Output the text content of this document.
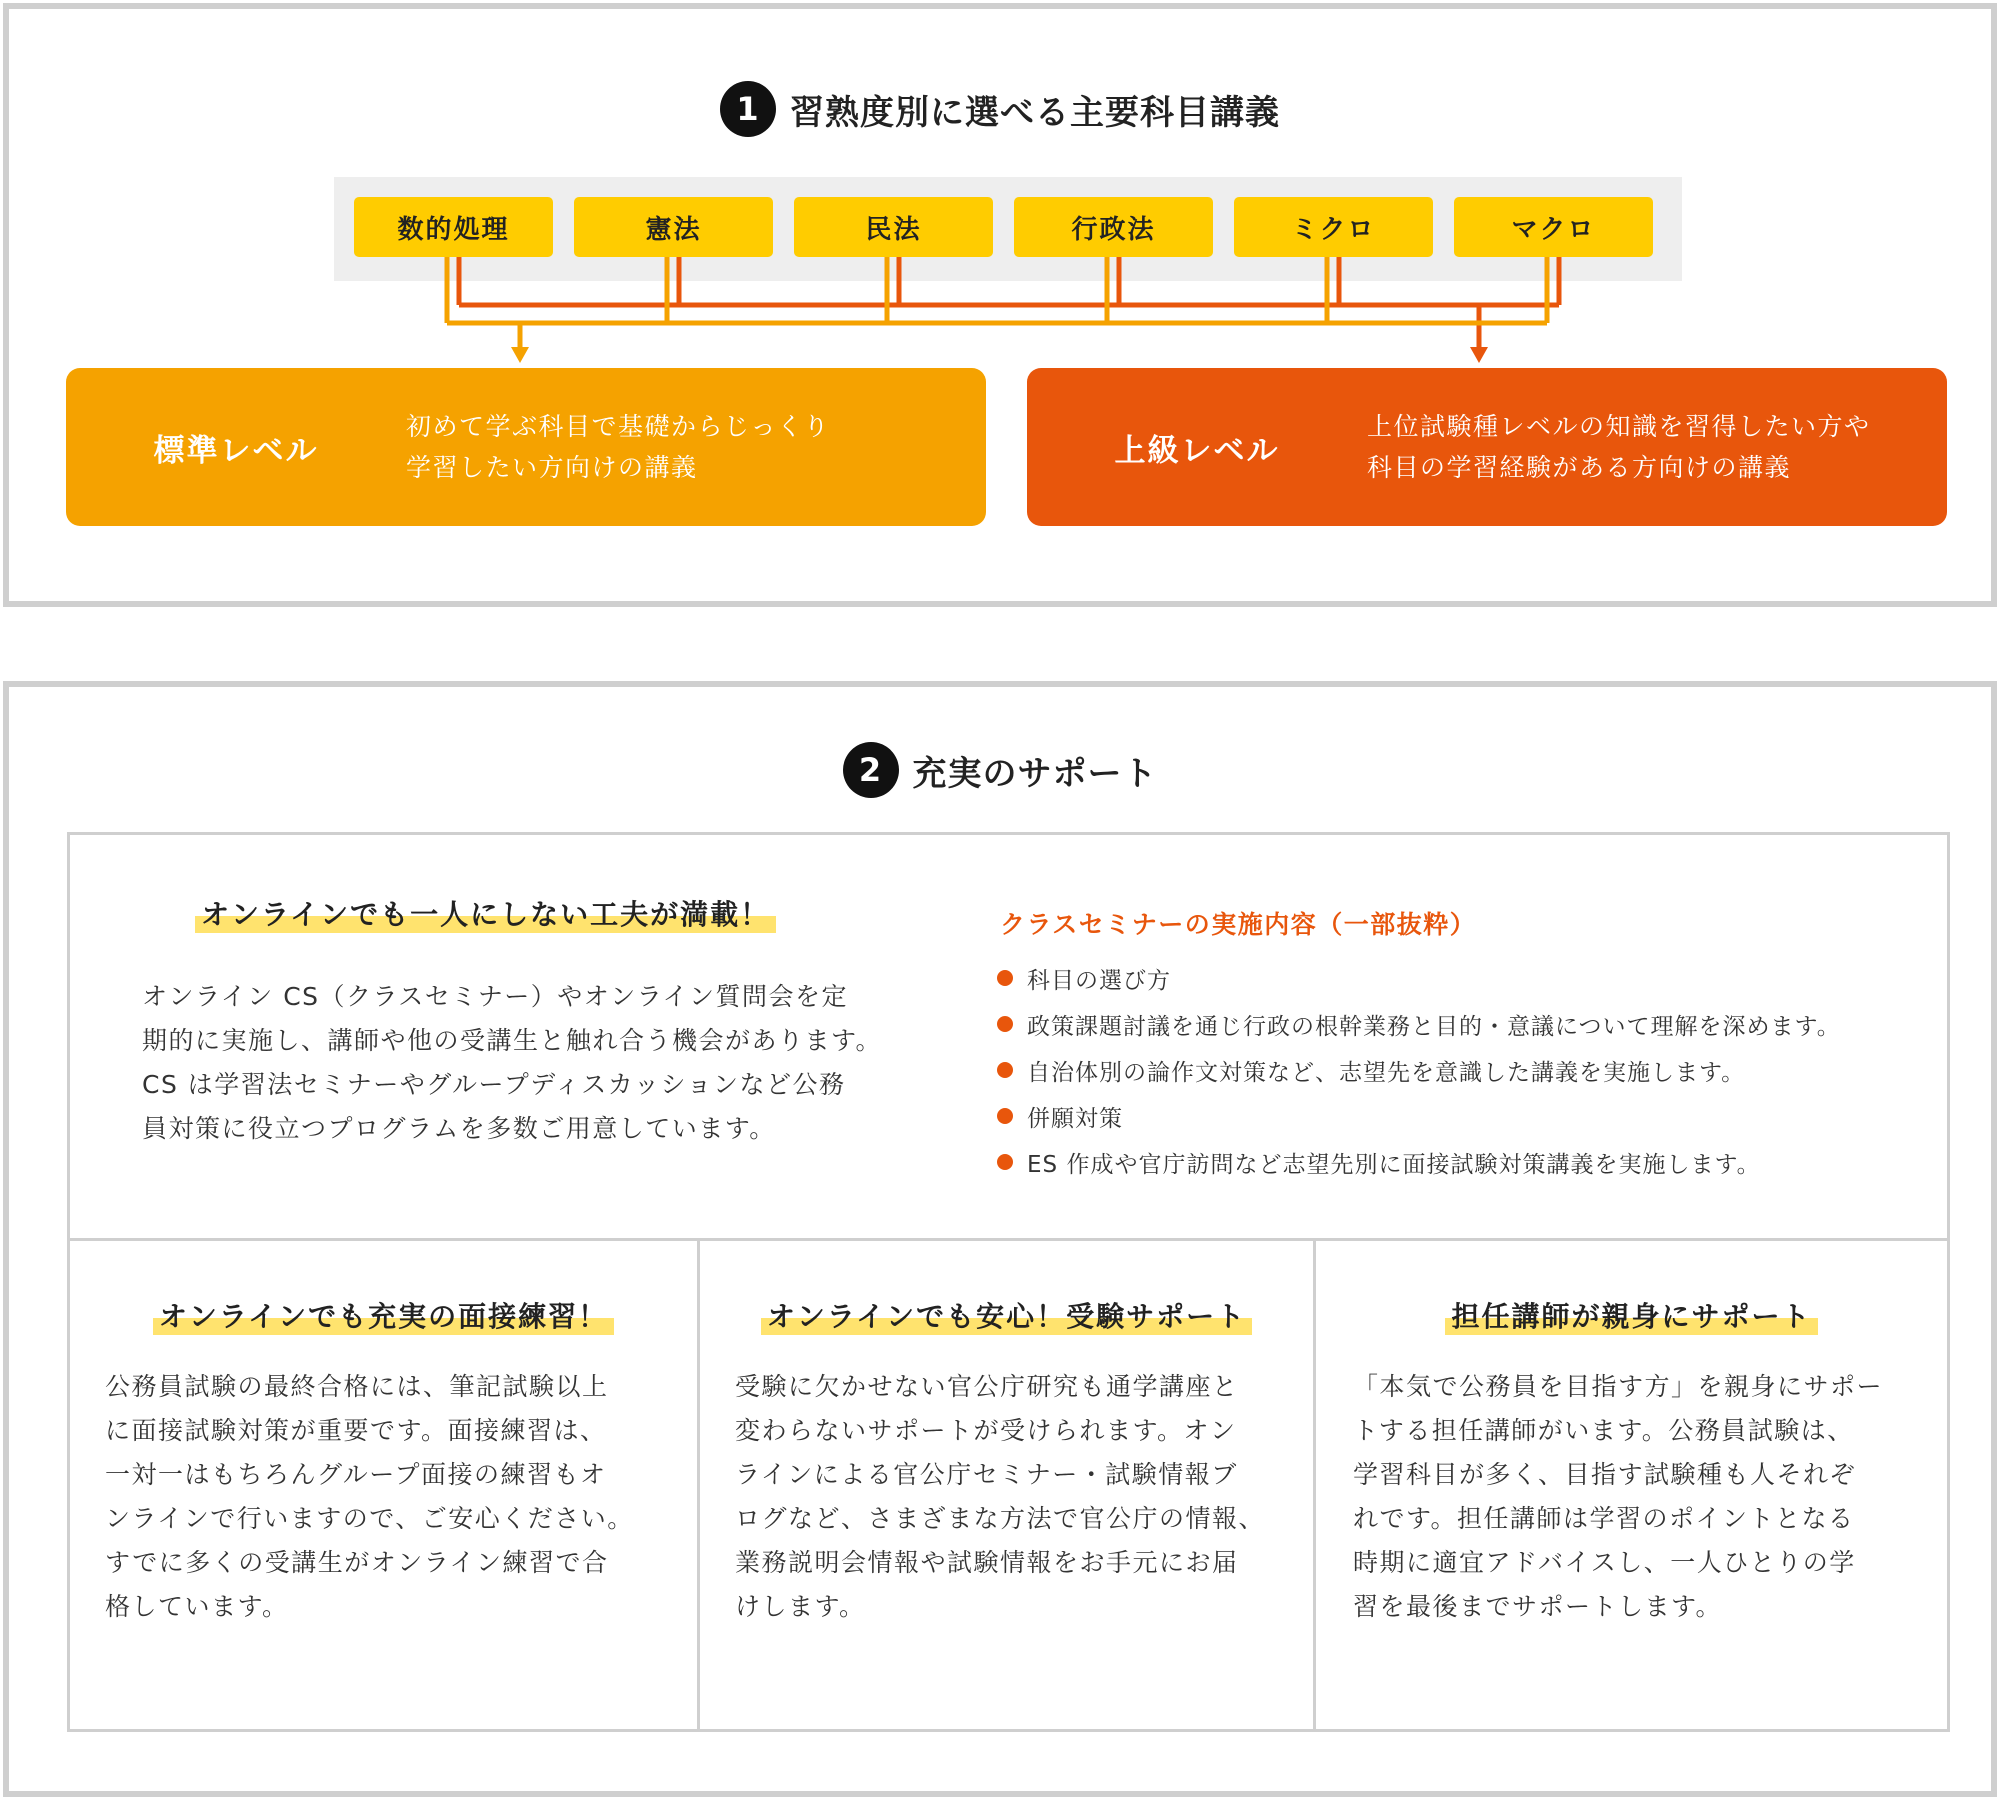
1 習熟度別に選べる主要科目講義
数的処理	憲法	民法	行政法	ミクロ	マクロ
標準レベル
初めて学ぶ科目で基礎からじっくり
学習したい方向けの講義	上級レベル
上位試験種レベルの知識を習得したい方や
科目の学習経験がある方向けの講義
2 充実のサポート
オンラインでも一人にしない工夫が満載！
オンライン CS（クラスセミナー）やオンライン質問会を定
期的に実施し、講師や他の受講生と触れ合う機会があります。
CS は学習法セミナーやグループディスカッションなど公務
員対策に役立つプログラムを多数ご用意しています。
クラスセミナーの実施内容（一部抜粋）
科目の選び方
政策課題討議を通じ行政の根幹業務と目的・意議について理解を深めます。
自治体別の論作文対策など、志望先を意識した講義を実施します。
併願対策
ES 作成や官庁訪問など志望先別に面接試験対策講義を実施します。
オンラインでも充実の面接練習！
公務員試験の最終合格には、筆記試験以上
に面接試験対策が重要です。面接練習は、
一対一はもちろんグループ面接の練習もオ
ンラインで行いますので、ご安心ください。
すでに多くの受講生がオンライン練習で合
格しています。
オンラインでも安心！受験サポート
受験に欠かせない官公庁研究も通学講座と
変わらないサポートが受けられます。オン
ラインによる官公庁セミナー・試験情報ブ
ログなど、さまざまな方法で官公庁の情報、
業務説明会情報や試験情報をお手元にお届
けします。
担任講師が親身にサポート
「本気で公務員を目指す方」を親身にサポー
トする担任講師がいます。公務員試験は、
学習科目が多く、目指す試験種も人それぞ
れです。担任講師は学習のポイントとなる
時期に適宜アドバイスし、一人ひとりの学
習を最後までサポートします。
